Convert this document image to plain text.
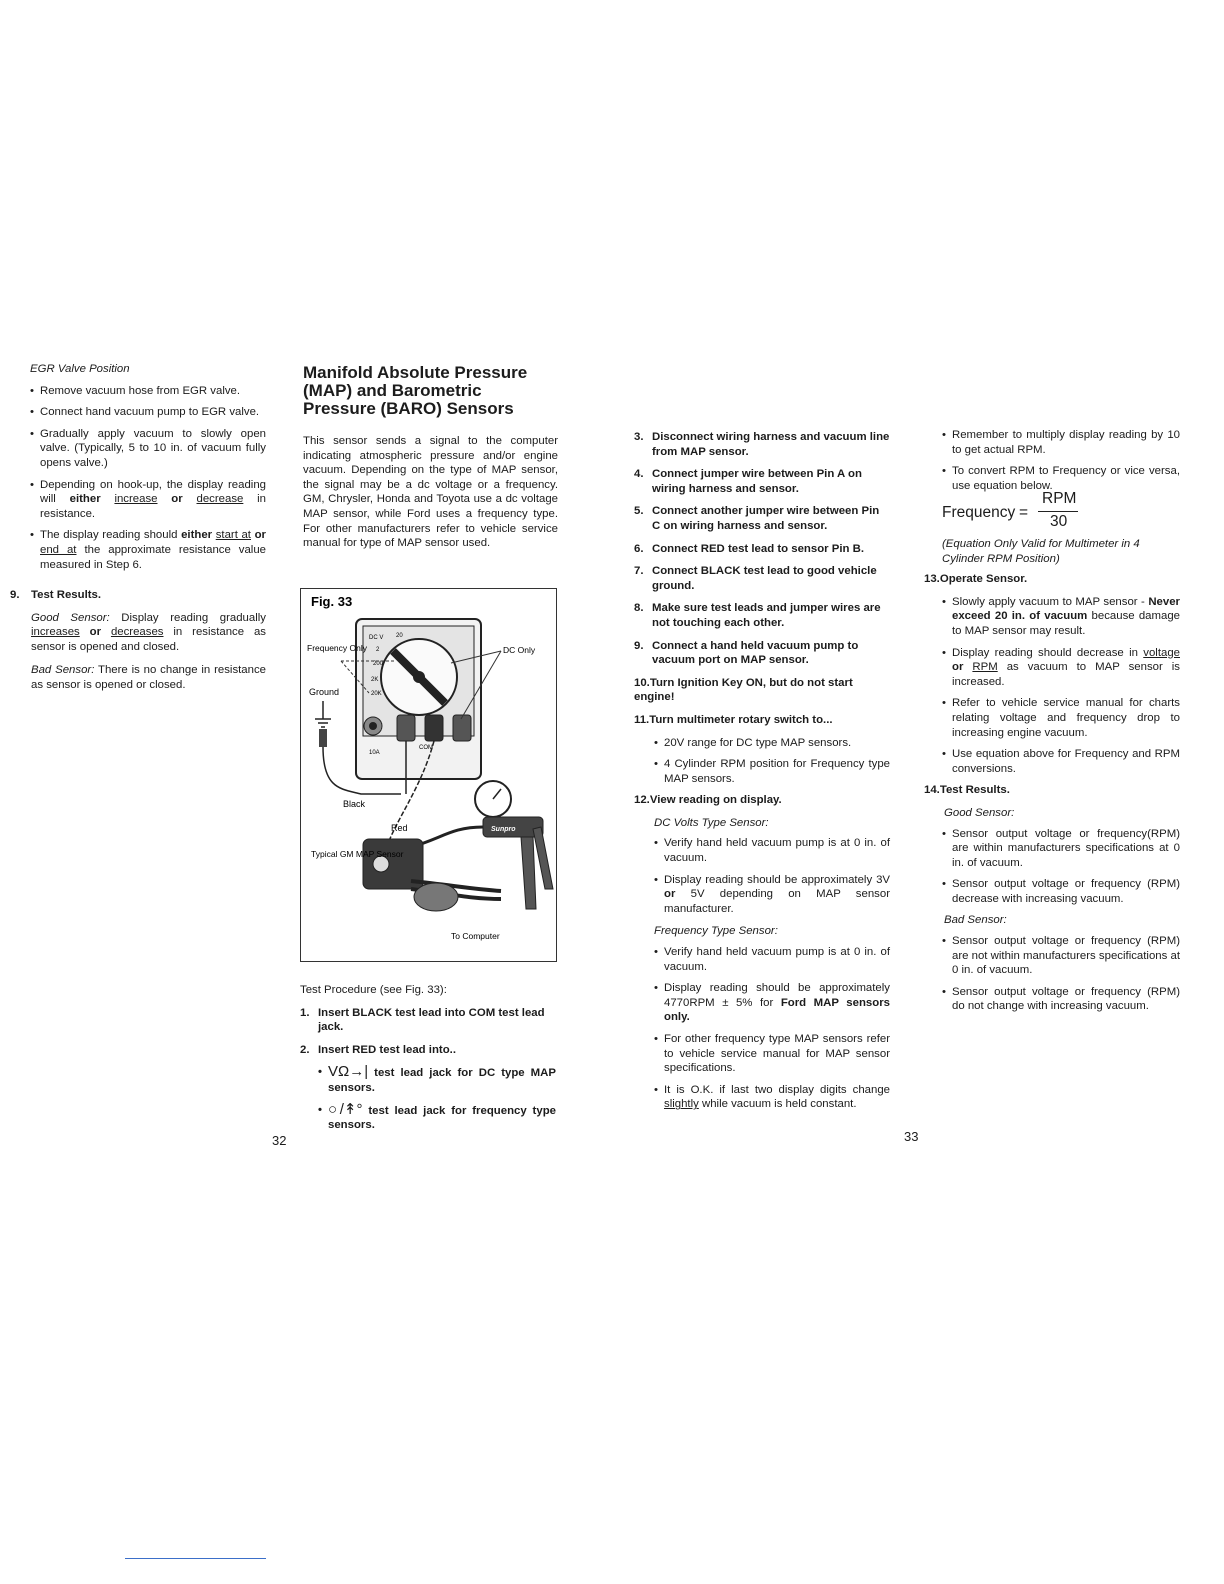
EGR Valve Position
• Remove vacuum hose from EGR valve.
• Connect hand vacuum pump to EGR valve.
• Gradually apply vacuum to slowly open valve. (Typically, 5 to 10 in. of vacuum fully opens valve.)
• Depending on hook-up, the display reading will either increase or decrease in resistance.
• The display reading should either start at or end at the approximate resistance value measured in Step 6.
9. Test Results.
Good Sensor: Display reading gradually increases or decreases in resistance as sensor is opened and closed.
Bad Sensor: There is no change in resistance as sensor is opened or closed.
32
Manifold Absolute Pressure (MAP) and Barometric Pressure (BARO) Sensors
This sensor sends a signal to the computer indicating atmospheric pressure and/or engine vacuum. Depending on the type of MAP sensor, the signal may be a dc voltage or a frequency. GM, Chrysler, Honda and Toyota use a dc voltage MAP sensor, while Ford uses a frequency type. For other manufacturers refer to vehicle service manual for type of MAP sensor used.
Fig. 33
DC V 20
2
200
2K
20K
COM
10A
Frequency Only	DC Only
Ground
Black
Red	Sunpro
Typical GM MAP Sensor
To Computer
Test Procedure (see Fig. 33):
1. Insert BLACK test lead into COM test lead jack.
2. Insert RED test lead into..
• VΩ→| test lead jack for DC type MAP sensors.
• ○/↟° test lead jack for frequency type sensors.
3. Disconnect wiring harness and vacuum line from MAP sensor.
4. Connect jumper wire between Pin A on wiring harness and sensor.
5. Connect another jumper wire between Pin C on wiring harness and sensor.
6. Connect RED test lead to sensor Pin B.
7. Connect BLACK test lead to good vehicle ground.
8. Make sure test leads and jumper wires are not touching each other.
9. Connect a hand held vacuum pump to vacuum port on MAP sensor.
10.Turn Ignition Key ON, but do not start engine!
11.Turn multimeter rotary switch to...
• 20V range for DC type MAP sensors.
• 4 Cylinder RPM position for Frequency type MAP sensors.
12.View reading on display.
DC Volts Type Sensor:
• Verify hand held vacuum pump is at 0 in. of vacuum.
• Display reading should be approximately 3V or 5V depending on MAP sensor manufacturer.
Frequency Type Sensor:
• Verify hand held vacuum pump is at 0 in. of vacuum.
• Display reading should be approximately 4770RPM ± 5% for Ford MAP sensors only.
• For other frequency type MAP sensors refer to vehicle service manual for MAP sensor specifications.
• It is O.K. if last two display digits change slightly while vacuum is held constant.
33
• Remember to multiply display reading by 10 to get actual RPM.
• To convert RPM to Frequency or vice versa, use equation below.
Frequency =
RPM
30
(Equation Only Valid for Multimeter in 4 Cylinder RPM Position)
13.Operate Sensor.
• Slowly apply vacuum to MAP sensor - Never exceed 20 in. of vacuum because damage to MAP sensor may result.
• Display reading should decrease in voltage or RPM as vacuum to MAP sensor is increased.
• Refer to vehicle service manual for charts relating voltage and frequency drop to increasing engine vacuum.
• Use equation above for Frequency and RPM conversions.
14.Test Results.
Good Sensor:
• Sensor output voltage or frequency(RPM) are within manufacturers specifications at 0 in. of vacuum.
• Sensor output voltage or frequency (RPM) decrease with increasing vacuum.
Bad Sensor:
• Sensor output voltage or frequency (RPM) are not within manufacturers specifications at 0 in. of vacuum.
• Sensor output voltage or frequency (RPM) do not change with increasing vacuum.
